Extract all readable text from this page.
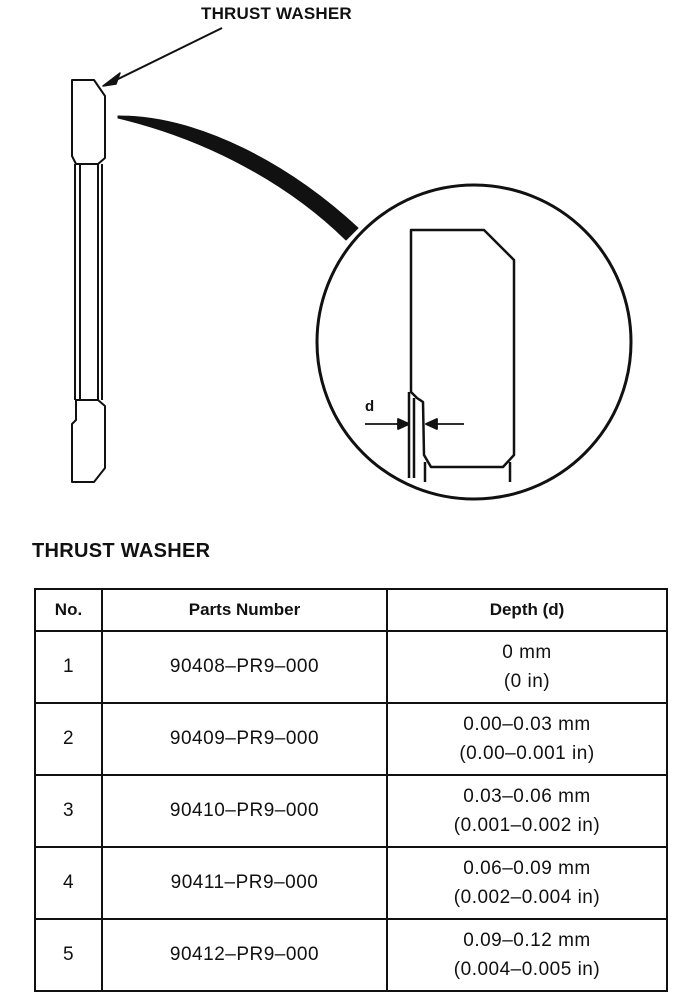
THRUST WASHER
d
THRUST WASHER
No.	Parts Number	Depth (d)
1	90408–PR9–000	0 mm
(0 in)

2	90409–PR9–000	0.00–0.03 mm
(0.00–0.001 in)

3	90410–PR9–000	0.03–0.06 mm
(0.001–0.002 in)

4	90411–PR9–000	0.06–0.09 mm
(0.002–0.004 in)

5	90412–PR9–000	0.09–0.12 mm
(0.004–0.005 in)
